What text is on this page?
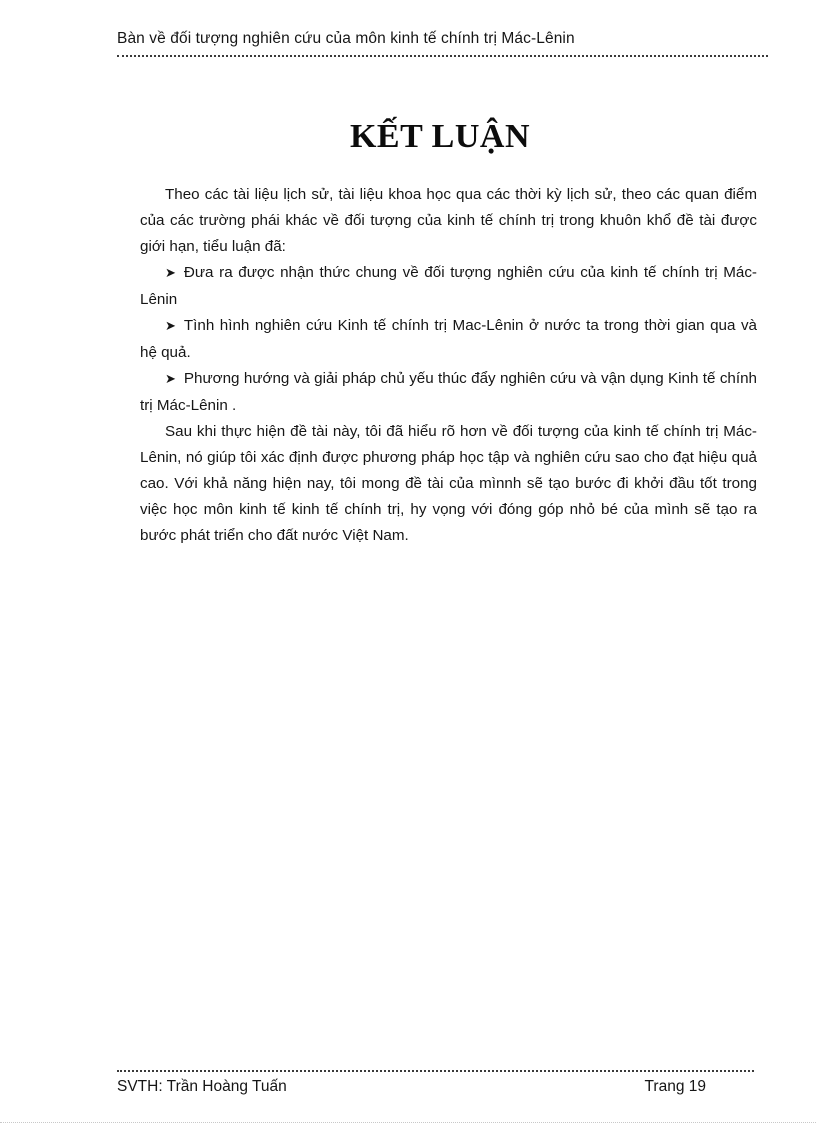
Bàn về đối tượng nghiên cứu của môn kinh tế chính trị Mác-Lênin
KẾT LUẬN

Theo các tài liệu lịch sử, tài liệu khoa học qua các thời kỳ lịch sử, theo các quan điểm của các trường phái khác về đối tượng của kinh tế chính trị trong khuôn khổ đề tài được giới hạn, tiểu luận đã:

➤ Đưa ra được nhận thức chung về đối tượng nghiên cứu của kinh tế chính trị Mác-Lênin

➤ Tình hình nghiên cứu Kinh tế chính trị Mac-Lênin ở nước ta trong thời gian qua và hệ quả.

➤ Phương hướng và giải pháp chủ yếu thúc đẩy nghiên cứu và vận dụng Kinh tế chính trị Mác-Lênin .

Sau khi thực hiện đề tài này, tôi đã hiểu rõ hơn về đối tượng của kinh tế chính trị Mác-Lênin, nó giúp tôi xác định được phương pháp học tập và nghiên cứu sao cho đạt hiệu quả cao. Với khả năng hiện nay, tôi mong đề tài của mìnnh sẽ tạo bước đi khởi đầu tốt trong việc học môn kinh tế kinh tế chính trị, hy vọng với đóng góp nhỏ bé của mình sẽ tạo ra bước phát triển cho đất nước Việt Nam.

SVTH: Trần Hoàng Tuấn	Trang 19
